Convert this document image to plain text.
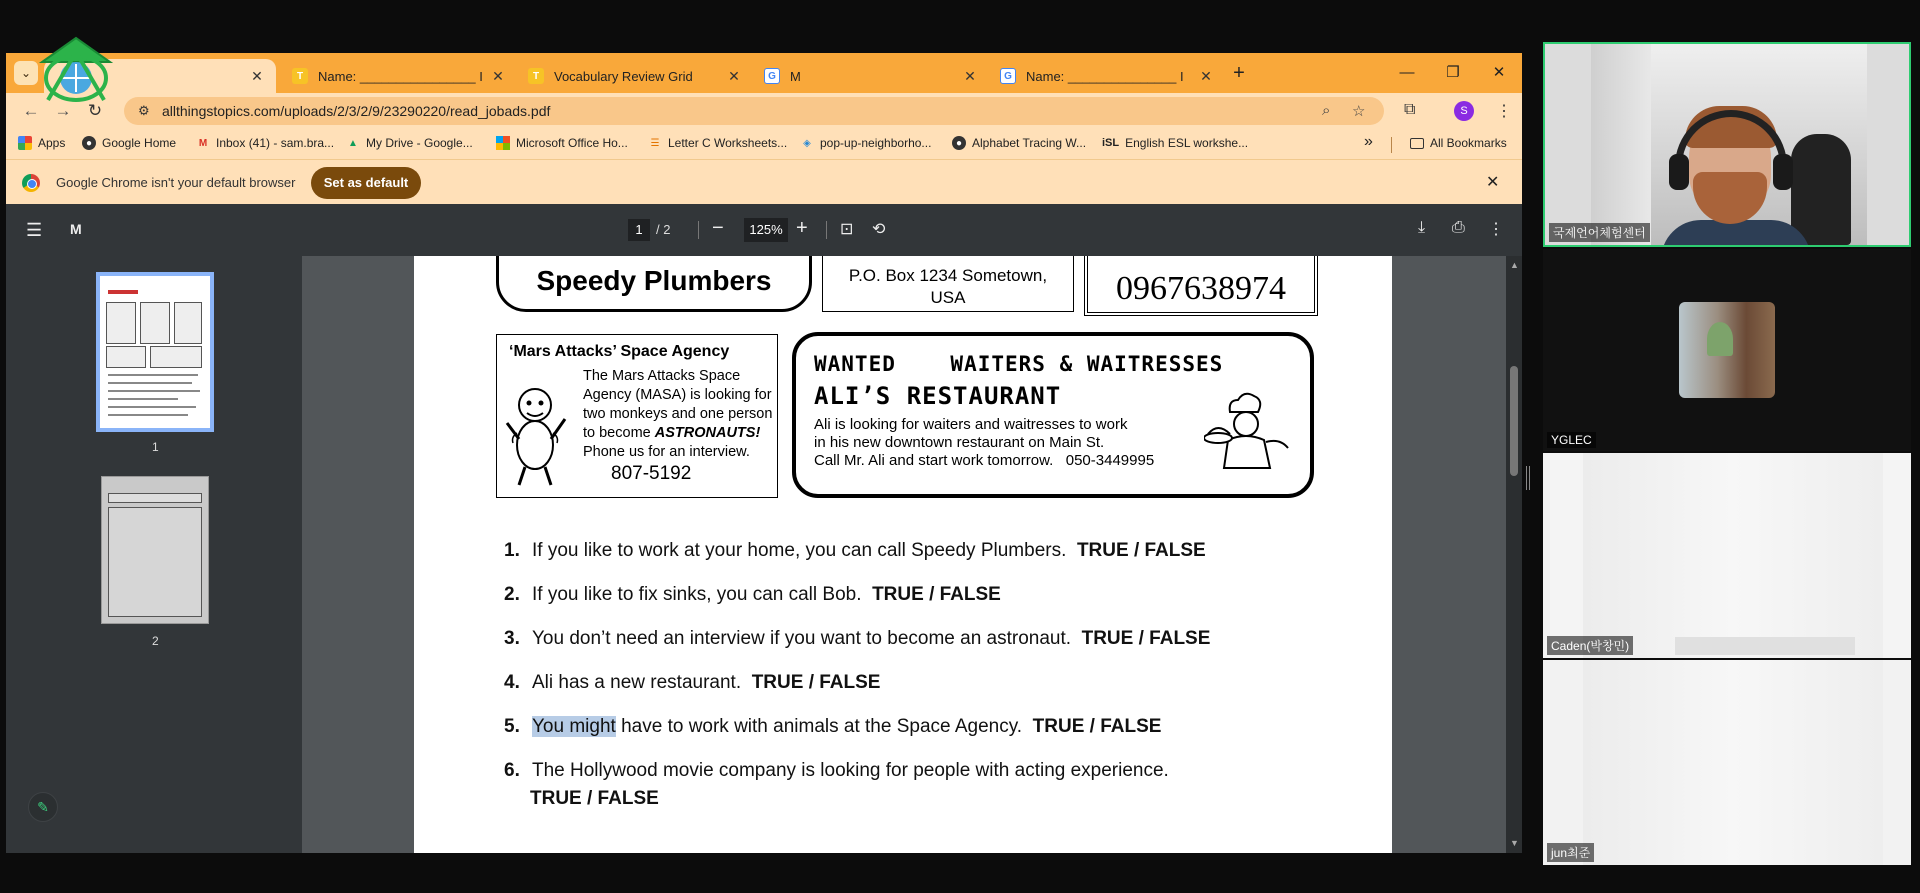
⌄	✕	T	Name: ________________ I ✕	T	Vocabulary Review Grid	✕	G	M	✕	G	Name: _______________ I	✕ +	—	❐	✕
← → ↻	⚙ allthingstopics.com/uploads/2/3/2/9/23290220/read_jobads.pdf	⌕ ☆ ⧉	S	⋮
Apps	● Google Home M Inbox (41) - sam.bra... ▲ My Drive - Google...	Microsoft Office Ho... ☰ Letter C Worksheets...	◈ pop-up-neighborho...	● Alphabet Tracing W... iSL English ESL workshe...	»	All Bookmarks
Google Chrome isn't your default browser	Set as default	✕
☰ M	1	/ 2 −	125% + ⊡ ⟲	⤓ ⎙ ⋮
1
2
✎
Speedy Plumbers	P.O. Box 1234 Sometown,
USA	0967638974
‘Mars Attacks’ Space Agency
The Mars Attacks Space Agency (MASA) is looking for two monkeys and one person to become ASTRONAUTS!
Phone us for an interview.
807-5192
WANTED    WAITERS & WAITRESSES
ALI’S RESTAURANT
Ali is looking for waiters and waitresses to work
in his new downtown restaurant on Main St.
Call Mr. Ali and start work tomorrow.   050-3449995
1. If you like to work at your home, you can call Speedy Plumbers. TRUE / FALSE
2. If you like to fix sinks, you can call Bob. TRUE / FALSE
3. You don’t need an interview if you want to become an astronaut. TRUE / FALSE
4. Ali has a new restaurant. TRUE / FALSE
5. You might have to work with animals at the Space Agency. TRUE / FALSE
6. The Hollywood movie company is looking for people with acting experience.
TRUE / FALSE
▲
▼
국제언어체험센터
YGLEC
Caden(박창민)
jun최준
